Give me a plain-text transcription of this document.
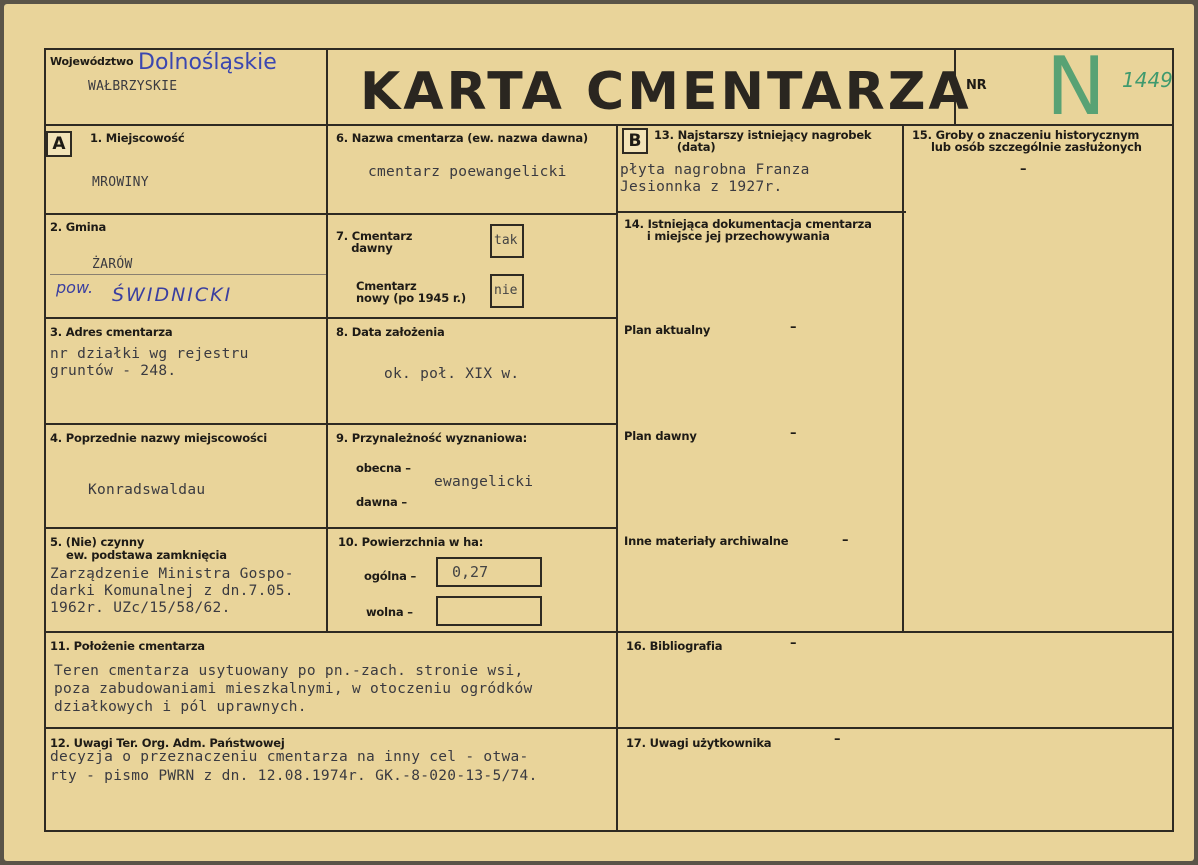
Województwo Dolnośląskie
WAŁBRZYSKIE	KARTA CMENTARZA
NR N 1449
A	B
1. Miejscowość
MROWINY
2. Gmina
ŻARÓW
pow. ŚWIDNICKI
3. Adres cmentarza
nr działki wg rejestru
gruntów - 248.
4. Poprzednie nazwy miejscowości
Konradswaldau
5. (Nie) czynny
ew. podstawa zamknięcia
Zarządzenie Ministra Gospo-
darki Komunalnej z dn.7.05.
1962r. UZc/15/58/62.
6. Nazwa cmentarza (ew. nazwa dawna)
cmentarz poewangelicki
7. Cmentarz
dawny	tak
Cmentarz
nowy (po 1945 r.)	nie
8. Data założenia
ok. poł. XIX w.
9. Przynależność wyznaniowa:
obecna –
ewangelicki
dawna –
10. Powierzchnia w ha:
ogólna –	0,27
wolna –
11. Położenie cmentarza
Teren cmentarza usytuowany po pn.-zach. stronie wsi,
poza zabudowaniami mieszkalnymi, w otoczeniu ogródków
działkowych i pól uprawnych.
12. Uwagi Ter. Org. Adm. Państwowej
decyzja o przeznaczeniu cmentarza na inny cel - otwa-
rty - pismo PWRN z dn. 12.08.1974r. GK.-8-020-13-5/74.
13. Najstarszy istniejący nagrobek
(data)
płyta nagrobna Franza
Jesionnka z 1927r.
14. Istniejąca dokumentacja cmentarza
i miejsce jej przechowywania
Plan aktualny	–
Plan dawny	–
Inne materiały archiwalne	–
15. Groby o znaczeniu historycznym
lub osób szczególnie zasłużonych
–
16. Bibliografia	–
17. Uwagi użytkownika	–
